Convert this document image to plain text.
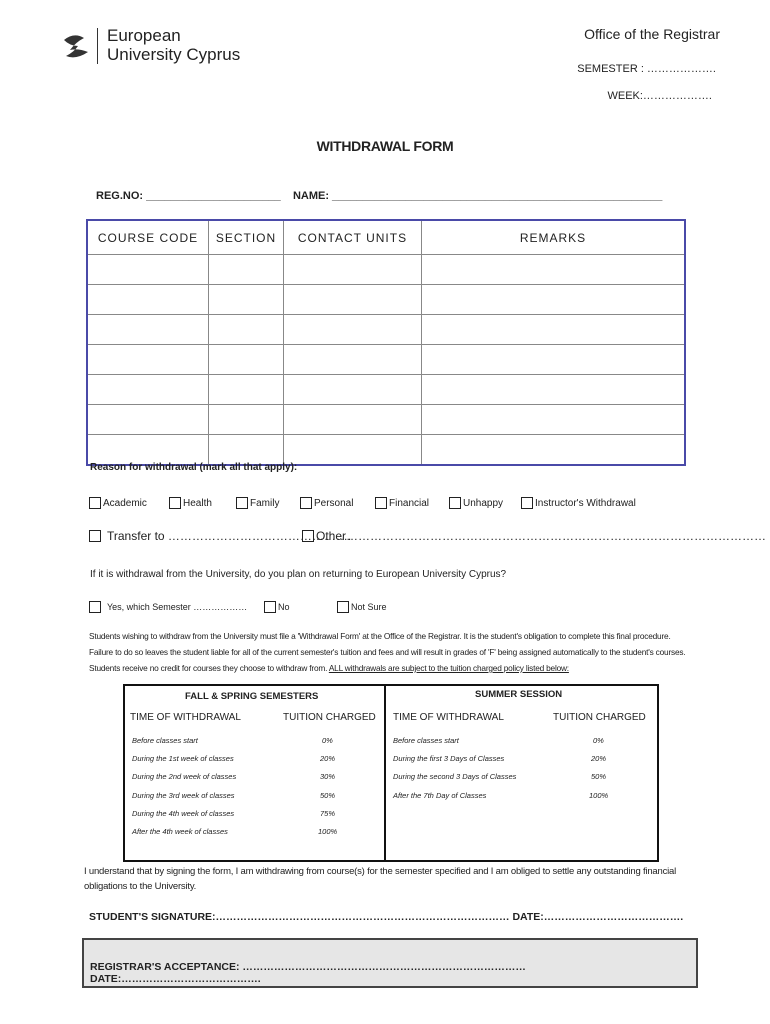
European
University Cyprus
Office of the Registrar
SEMESTER : ……………….
WEEK:……………….
WITHDRAWAL FORM
REG.NO: ______________________ NAME: ______________________________________________________
COURSE CODE	SECTION	CONTACT UNITS	REMARKS

Reason for withdrawal (mark all that apply):
Academic	Health	Family	Personal	Financial	Unhappy	Instructor's Withdrawal
Transfer to ……………………………………….
Other……………………………………………………………………………………………
If it is withdrawal from the University, do you plan on returning to European University Cyprus?
Yes, which Semester ………………	No	Not Sure
Students wishing to withdraw from the University must file a 'Withdrawal Form' at the Office of the Registrar. It is the student's obligation to complete this final procedure.
Failure to do so leaves the student liable for all of the current semester's tuition and fees and will result in grades of 'F' being assigned automatically to the student's courses.
Students receive no credit for courses they choose to withdraw from. ALL withdrawals are subject to the tuition charged policy listed below:
FALL & SPRING SEMESTERS
TIME OF WITHDRAWAL	TUITION CHARGED
Before classes start	0%
During the 1st week of classes	20%
During the 2nd week of classes	30%
During the 3rd week of classes	50%
During the 4th week of classes	75%
After the 4th week of classes	100%
SUMMER SESSION
TIME OF WITHDRAWAL	TUITION CHARGED
Before classes start	0%
During the first 3 Days of Classes	20%
During the second 3 Days of Classes	50%
After the 7th Day of Classes	100%
I understand that by signing the form, I am withdrawing from course(s) for the semester specified and I am obliged to settle any outstanding financial obligations to the University.
STUDENT'S SIGNATURE:………………………………………………………………………… DATE:………………………………….
REGISTRAR'S ACCEPTANCE: ………………………………………………………………………DATE:………………………………….
